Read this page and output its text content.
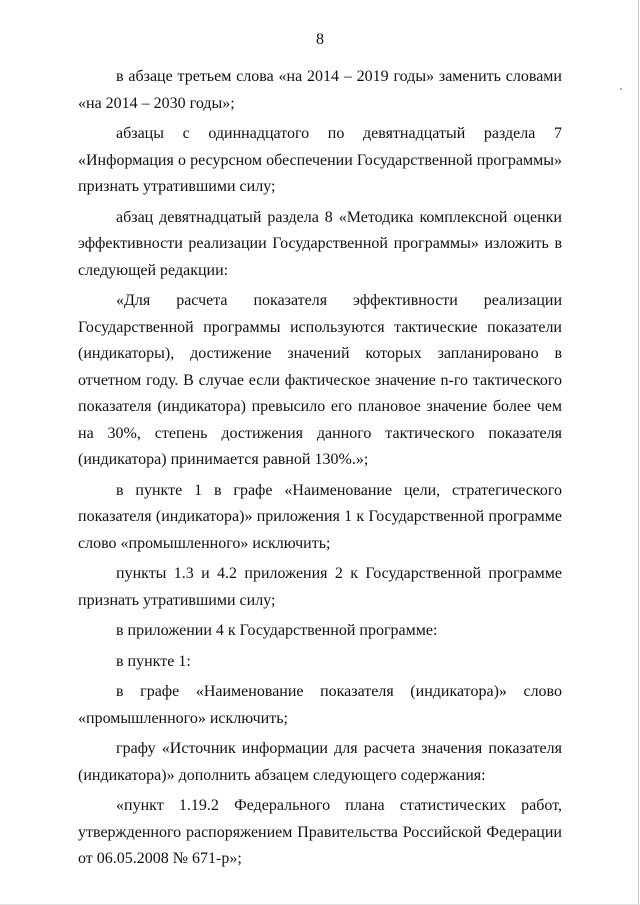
8

в абзаце третьем слова «на 2014 – 2019 годы» заменить словами «на 2014 – 2030 годы»;

абзацы с одиннадцатого по девятнадцатый раздела 7 «Информация о ресурсном обеспечении Государственной программы» признать утратившими силу;

абзац девятнадцатый раздела 8 «Методика комплексной оценки эффективности реализации Государственной программы» изложить в следующей редакции:

«Для расчета показателя эффективности реализации Государственной программы используются тактические показатели (индикаторы), достижение значений которых запланировано в отчетном году. В случае если фактическое значение n-го тактического показателя (индикатора) превысило его плановое значение более чем на 30%, степень достижения данного тактического показателя (индикатора) принимается равной 130%.»;

в пункте 1 в графе «Наименование цели, стратегического показателя (индикатора)» приложения 1 к Государственной программе слово «промышленного» исключить;

пункты 1.3 и 4.2 приложения 2 к Государственной программе признать утратившими силу;

в приложении 4 к Государственной программе:

в пункте 1:

в графе «Наименование показателя (индикатора)» слово «промышленного» исключить;

графу «Источник информации для расчета значения показателя (индикатора)» дополнить абзацем следующего содержания:

«пункт 1.19.2 Федерального плана статистических работ, утвержденного распоряжением Правительства Российской Федерации от 06.05.2008 № 671-р»;
